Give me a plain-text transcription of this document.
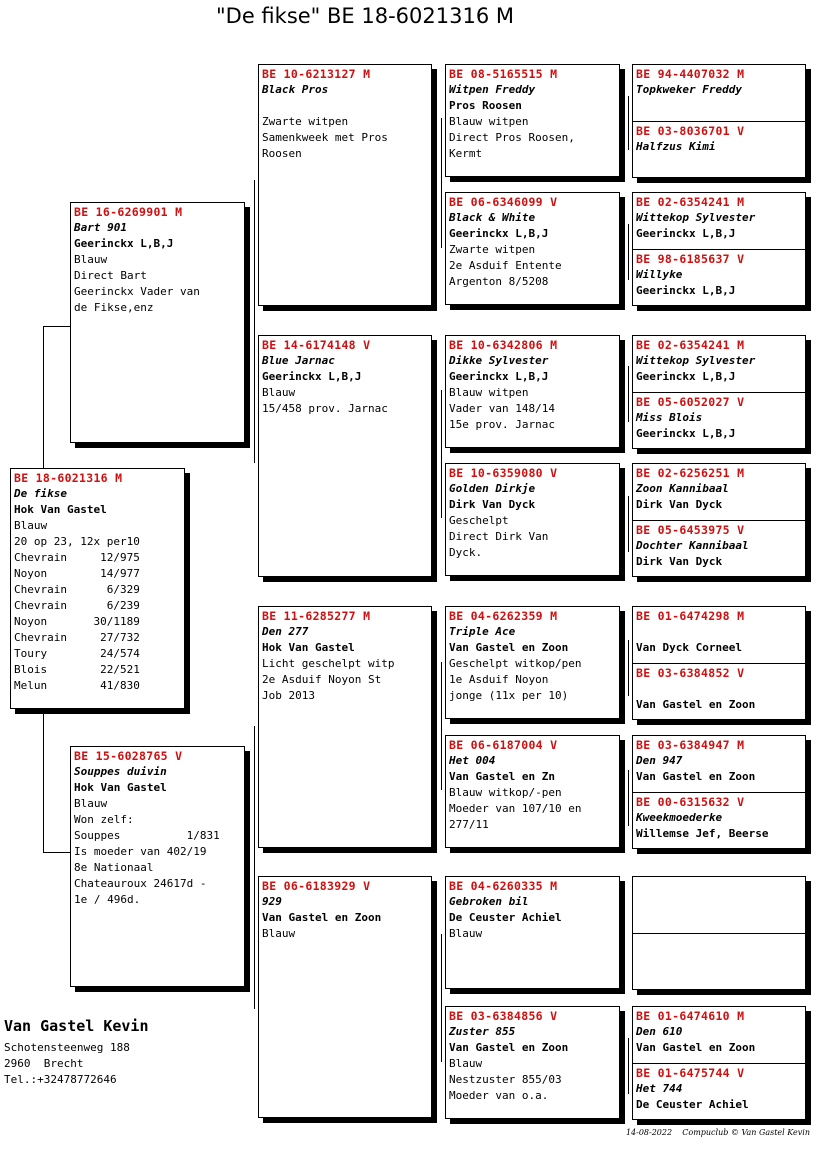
"De fikse" BE 18-6021316 M
BE 18-6021316 M
De fikse
Hok Van Gastel
Blauw
20 op 23, 12x per10
Chevrain     12/975
Noyon        14/977
Chevrain      6/329
Chevrain      6/239
Noyon       30/1189
Chevrain     27/732
Toury        24/574
Blois        22/521
Melun        41/830
BE 16-6269901 M
Bart 901
Geerinckx L,B,J
Blauw
Direct Bart
Geerinckx Vader van
de Fikse,enz
BE 15-6028765 V
Souppes duivin
Hok Van Gastel
Blauw
Won zelf:
Souppes          1/831
Is moeder van 402/19
8e Nationaal
Chateauroux 24617d -
1e / 496d.
BE 10-6213127 M
Black Pros

Zwarte witpen
Samenkweek met Pros
Roosen
BE 14-6174148 V
Blue Jarnac
Geerinckx L,B,J
Blauw
15/458 prov. Jarnac
BE 11-6285277 M
Den 277
Hok Van Gastel
Licht geschelpt witp
2e Asduif Noyon St
Job 2013
BE 06-6183929 V
929
Van Gastel en Zoon
Blauw
BE 08-5165515 M
Witpen Freddy
Pros Roosen
Blauw witpen
Direct Pros Roosen,
Kermt
BE 06-6346099 V
Black & White
Geerinckx L,B,J
Zwarte witpen
2e Asduif Entente
Argenton 8/5208
BE 10-6342806 M
Dikke Sylvester
Geerinckx L,B,J
Blauw witpen
Vader van 148/14
15e prov. Jarnac
BE 10-6359080 V
Golden Dirkje
Dirk Van Dyck
Geschelpt
Direct Dirk Van
Dyck.
BE 04-6262359 M
Triple Ace
Van Gastel en Zoon
Geschelpt witkop/pen
1e Asduif Noyon
jonge (11x per 10)
BE 06-6187004 V
Het 004
Van Gastel en Zn
Blauw witkop/-pen
Moeder van 107/10 en
277/11
BE 04-6260335 M
Gebroken bil
De Ceuster Achiel
Blauw
BE 03-6384856 V
Zuster 855
Van Gastel en Zoon
Blauw
Nestzuster 855/03
Moeder van o.a.
BE 94-4407032 M
Topkweker Freddy
BE 03-8036701 V
Halfzus Kimi
BE 02-6354241 M
Wittekop Sylvester
Geerinckx L,B,J
BE 98-6185637 V
Willyke
Geerinckx L,B,J
BE 02-6354241 M
Wittekop Sylvester
Geerinckx L,B,J
BE 05-6052027 V
Miss Blois
Geerinckx L,B,J
BE 02-6256251 M
Zoon Kannibaal
Dirk Van Dyck
BE 05-6453975 V
Dochter Kannibaal
Dirk Van Dyck
BE 01-6474298 M

Van Dyck Corneel
BE 03-6384852 V

Van Gastel en Zoon
BE 03-6384947 M
Den 947
Van Gastel en Zoon
BE 00-6315632 V
Kweekmoederke
Willemse Jef, Beerse
BE 01-6474610 M
Den 610
Van Gastel en Zoon
BE 01-6475744 V
Het 744
De Ceuster Achiel
Van Gastel Kevin
Schotensteenweg 188
2960  Brecht
Tel.:+32478772646
14-08-2022    Compuclub © Van Gastel Kevin
